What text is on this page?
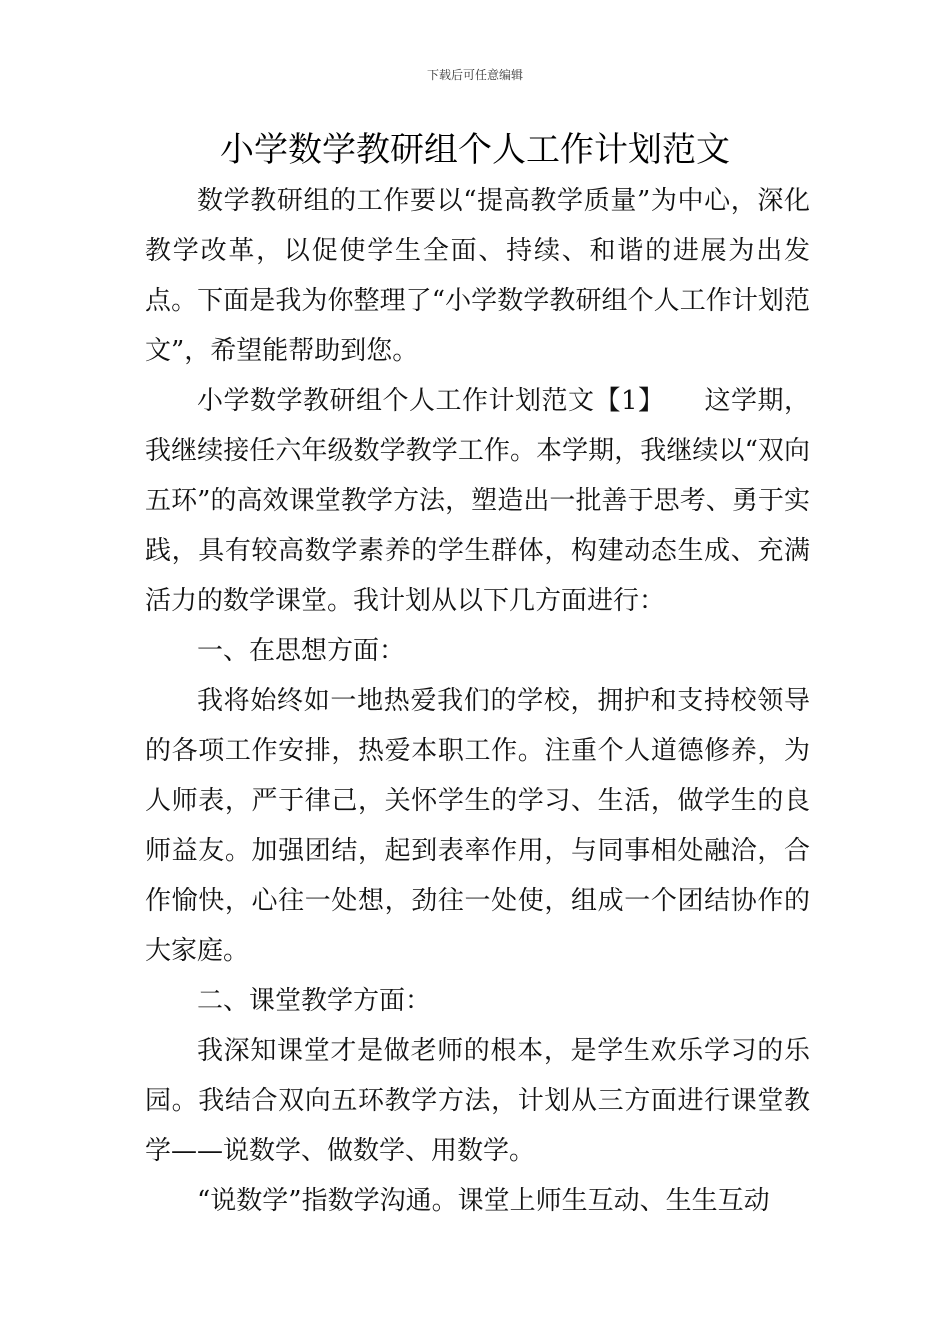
下载后可任意编辑
小学数学教研组个人工作计划范文

数学教研组的工作要以“提高教学质量”为中心，深化教学改革，以促使学生全面、持续、和谐的进展为出发点。下面是我为你整理了“小学数学教研组个人工作计划范文”，希望能帮助到您。

小学数学教研组个人工作计划范文【1】　　这学期，我继续接任六年级数学教学工作。本学期，我继续以“双向五环”的高效课堂教学方法，塑造出一批善于思考、勇于实践，具有较高数学素养的学生群体，构建动态生成、充满活力的数学课堂。我计划从以下几方面进行：

一、在思想方面：

我将始终如一地热爱我们的学校，拥护和支持校领导的各项工作安排，热爱本职工作。注重个人道德修养，为人师表，严于律己，关怀学生的学习、生活，做学生的良师益友。加强团结，起到表率作用，与同事相处融洽，合作愉快，心往一处想，劲往一处使，组成一个团结协作的大家庭。

二、课堂教学方面：

我深知课堂才是做老师的根本，是学生欢乐学习的乐园。我结合双向五环教学方法，计划从三方面进行课堂教学——说数学、做数学、用数学。

“说数学”指数学沟通。课堂上师生互动、生生互动
